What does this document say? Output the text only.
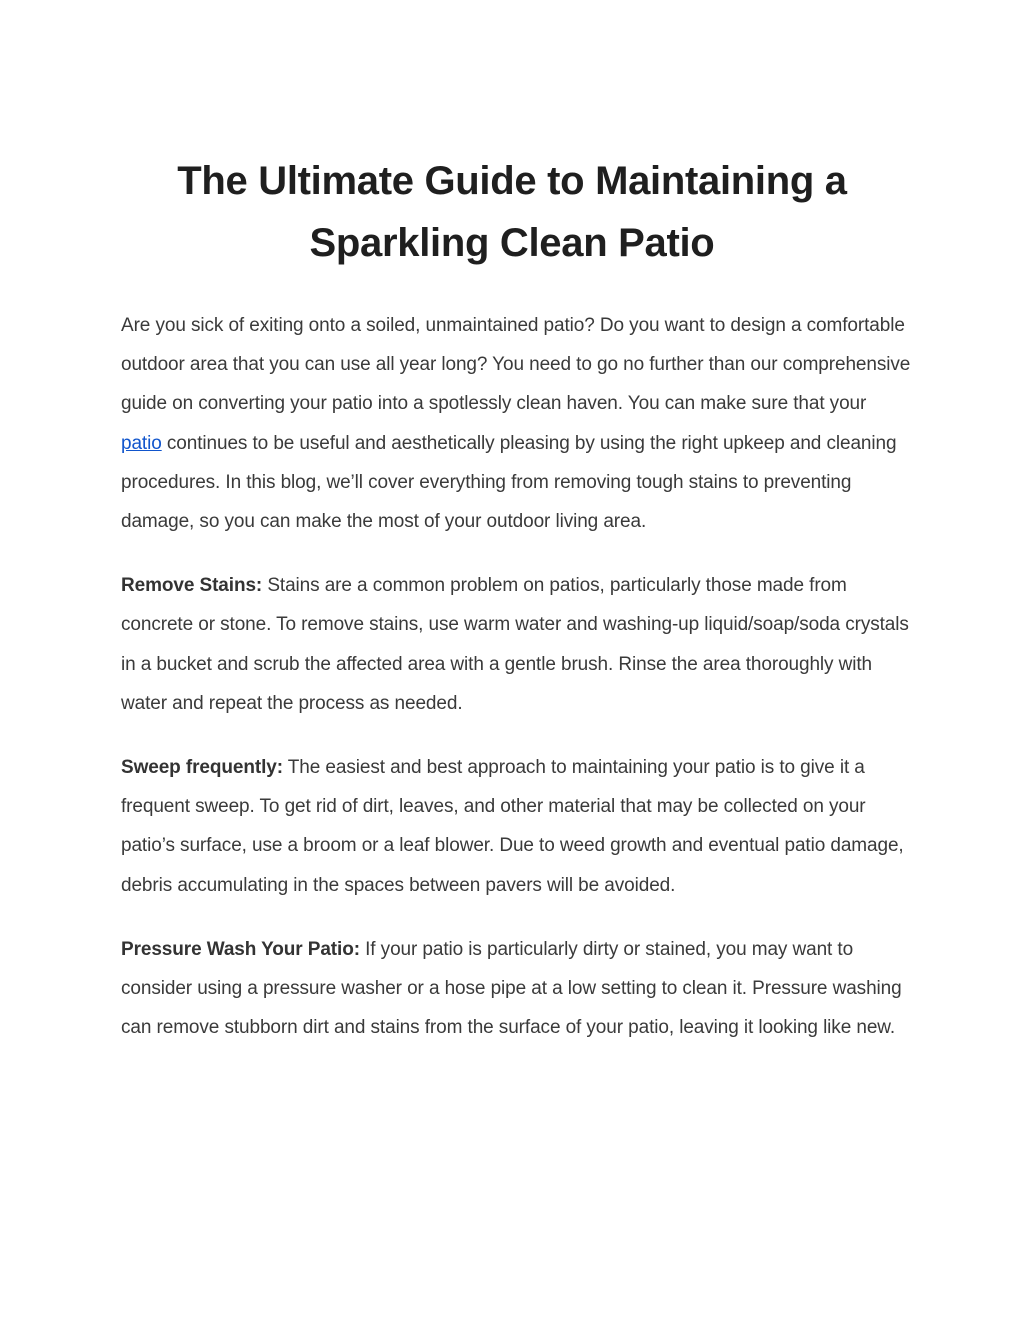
The Ultimate Guide to Maintaining a Sparkling Clean Patio

Are you sick of exiting onto a soiled, unmaintained patio? Do you want to design a comfortable outdoor area that you can use all year long? You need to go no further than our comprehensive guide on converting your patio into a spotlessly clean haven. You can make sure that your patio continues to be useful and aesthetically pleasing by using the right upkeep and cleaning procedures. In this blog, we’ll cover everything from removing tough stains to preventing damage, so you can make the most of your outdoor living area.

Remove Stains: Stains are a common problem on patios, particularly those made from concrete or stone. To remove stains, use warm water and washing-up liquid/soap/soda crystals in a bucket and scrub the affected area with a gentle brush. Rinse the area thoroughly with water and repeat the process as needed.

Sweep frequently: The easiest and best approach to maintaining your patio is to give it a frequent sweep. To get rid of dirt, leaves, and other material that may be collected on your patio’s surface, use a broom or a leaf blower. Due to weed growth and eventual patio damage, debris accumulating in the spaces between pavers will be avoided.

Pressure Wash Your Patio: If your patio is particularly dirty or stained, you may want to consider using a pressure washer or a hose pipe at a low setting to clean it. Pressure washing can remove stubborn dirt and stains from the surface of your patio, leaving it looking like new.
